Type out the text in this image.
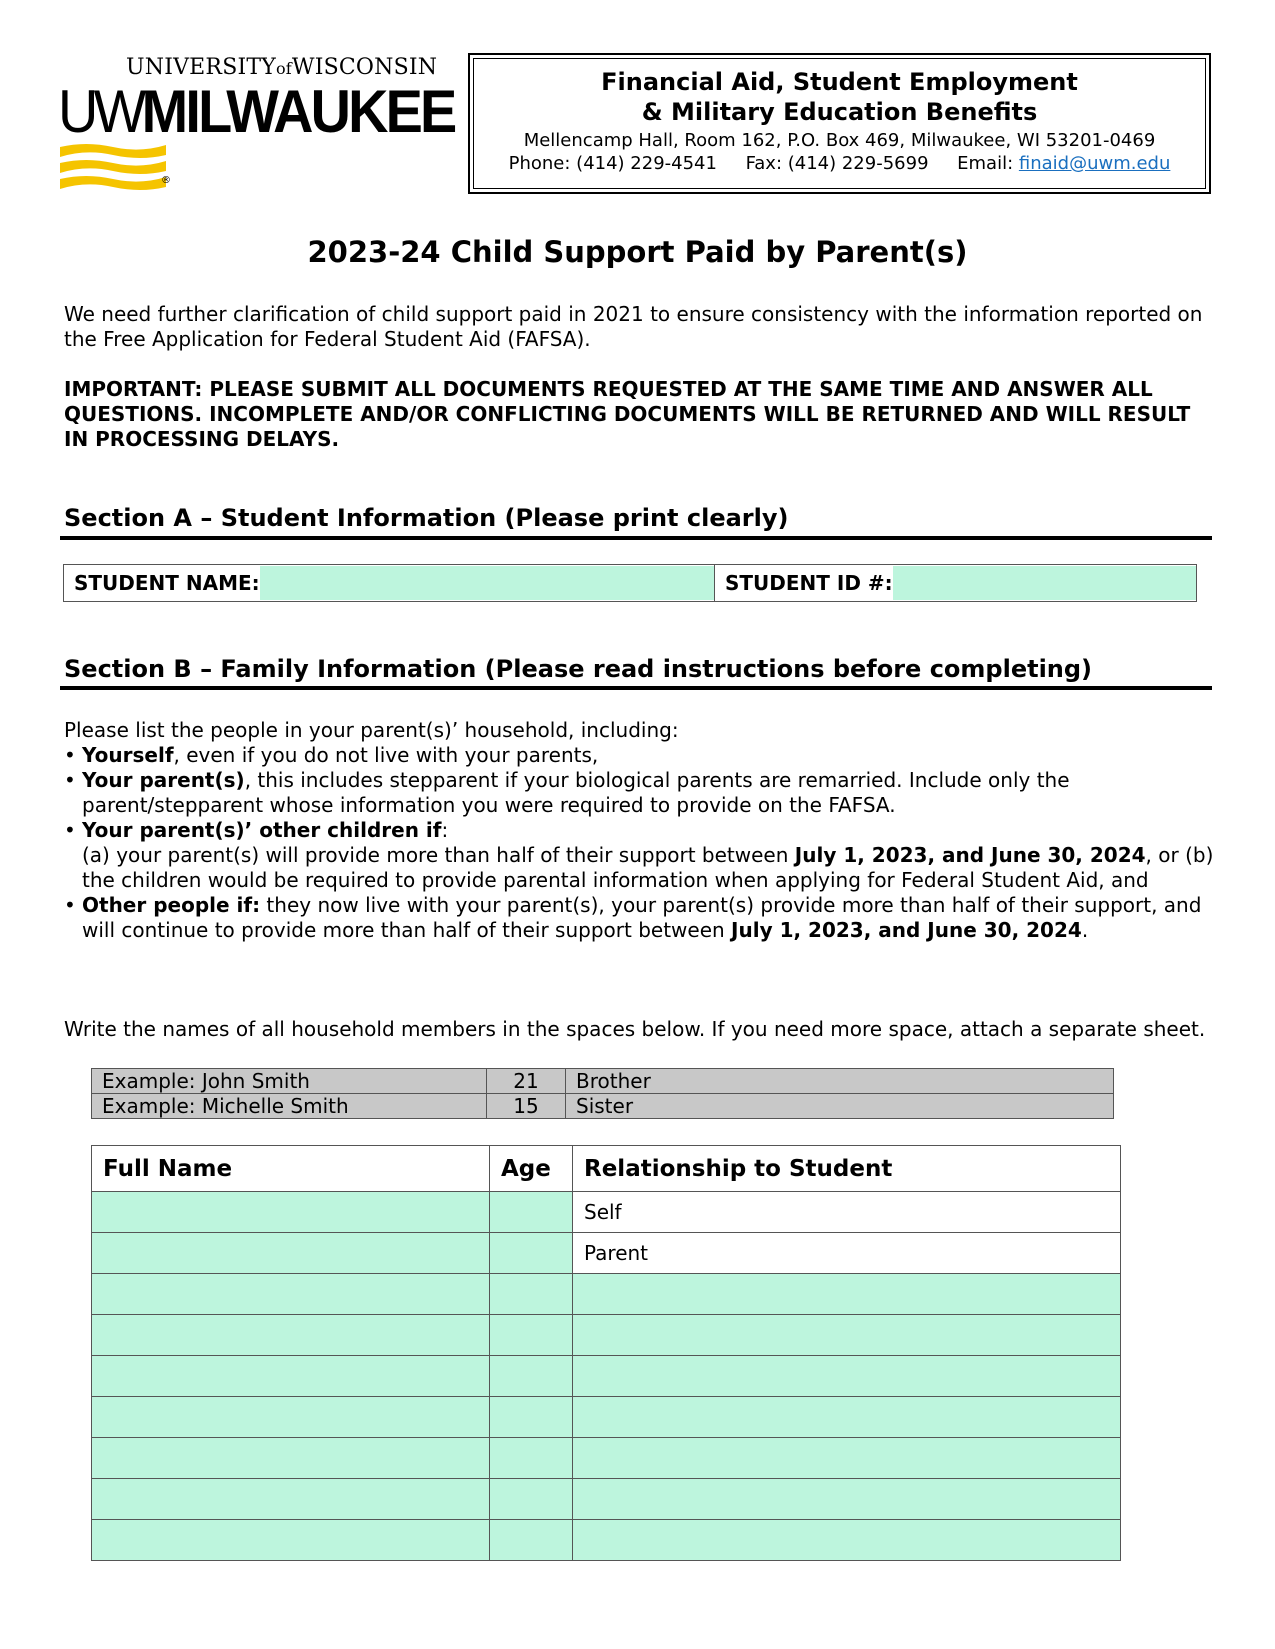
UNIVERSITYofWISCONSIN
UWMILWAUKEE
®
Financial Aid, Student Employment
& Military Education Benefits
Mellencamp Hall, Room 162, P.O. Box 469, Milwaukee, WI 53201-0469
Phone: (414) 229-4541 Fax: (414) 229-5699 Email: finaid@uwm.edu
2023-24 Child Support Paid by Parent(s)
We need further clarification of child support paid in 2021 to ensure consistency with the information reported on the Free Application for Federal Student Aid (FAFSA).
IMPORTANT: PLEASE SUBMIT ALL DOCUMENTS REQUESTED AT THE SAME TIME AND ANSWER ALL QUESTIONS. INCOMPLETE AND/OR CONFLICTING DOCUMENTS WILL BE RETURNED AND WILL RESULT IN PROCESSING DELAYS.
Section A – Student Information (Please print clearly)
STUDENT NAME:	STUDENT ID #:
Section B – Family Information (Please read instructions before completing)
Please list the people in your parent(s)’ household, including:
• Yourself, even if you do not live with your parents,
• Your parent(s), this includes stepparent if your biological parents are remarried. Include only the parent/stepparent whose information you were required to provide on the FAFSA.
• Your parent(s)’ other children if:
(a) your parent(s) will provide more than half of their support between July 1, 2023, and June 30, 2024, or (b) the children would be required to provide parental information when applying for Federal Student Aid, and
• Other people if: they now live with your parent(s), your parent(s) provide more than half of their support, and will continue to provide more than half of their support between July 1, 2023, and June 30, 2024.
Write the names of all household members in the spaces below. If you need more space, attach a separate sheet.
Example: John Smith	21	Brother
Example: Michelle Smith	15	Sister
Full Name	Age	Relationship to Student
		Self
		Parent
